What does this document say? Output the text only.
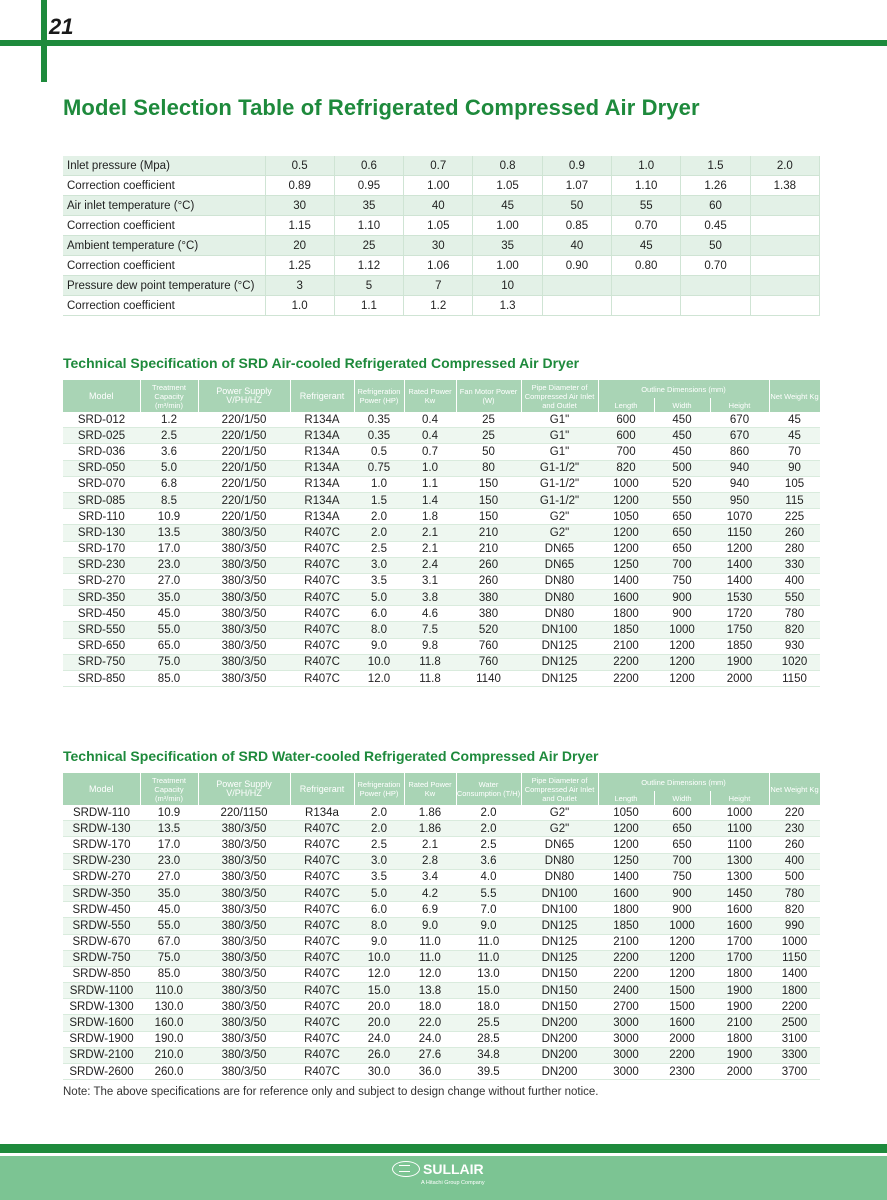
21
Model Selection Table of Refrigerated Compressed Air Dryer
Inlet pressure (Mpa)	0.5	0.6	0.7	0.8	0.9	1.0	1.5	2.0
Correction coefficient	0.89	0.95	1.00	1.05	1.07	1.10	1.26	1.38
Air inlet temperature (°C)	30	35	40	45	50	55	60	
Correction coefficient	1.15	1.10	1.05	1.00	0.85	0.70	0.45	
Ambient temperature (°C)	20	25	30	35	40	45	50	
Correction coefficient	1.25	1.12	1.06	1.00	0.90	0.80	0.70	
Pressure dew point temperature (°C)	3	5	7	10				
Correction coefficient	1.0	1.1	1.2	1.3				
Technical Specification of SRD Air-cooled Refrigerated Compressed Air Dryer
Model	Treatment Capacity (m³/min)	Power Supply V/PH/HZ	Refrigerant	Refrigeration Power (HP)	Rated Power Kw	Fan Motor Power (W)	Pipe Diameter of Compressed Air Inlet and Outlet	Outline Dimensions (mm)			Net Weight Kg
								Length	Width	Height	
SRD-012	1.2	220/1/50	R134A	0.35	0.4	25	G1"	600	450	670	45
SRD-025	2.5	220/1/50	R134A	0.35	0.4	25	G1"	600	450	670	45
SRD-036	3.6	220/1/50	R134A	0.5	0.7	50	G1"	700	450	860	70
SRD-050	5.0	220/1/50	R134A	0.75	1.0	80	G1-1/2"	820	500	940	90
SRD-070	6.8	220/1/50	R134A	1.0	1.1	150	G1-1/2"	1000	520	940	105
SRD-085	8.5	220/1/50	R134A	1.5	1.4	150	G1-1/2"	1200	550	950	115
SRD-110	10.9	220/1/50	R134A	2.0	1.8	150	G2"	1050	650	1070	225
SRD-130	13.5	380/3/50	R407C	2.0	2.1	210	G2"	1200	650	1150	260
SRD-170	17.0	380/3/50	R407C	2.5	2.1	210	DN65	1200	650	1200	280
SRD-230	23.0	380/3/50	R407C	3.0	2.4	260	DN65	1250	700	1400	330
SRD-270	27.0	380/3/50	R407C	3.5	3.1	260	DN80	1400	750	1400	400
SRD-350	35.0	380/3/50	R407C	5.0	3.8	380	DN80	1600	900	1530	550
SRD-450	45.0	380/3/50	R407C	6.0	4.6	380	DN80	1800	900	1720	780
SRD-550	55.0	380/3/50	R407C	8.0	7.5	520	DN100	1850	1000	1750	820
SRD-650	65.0	380/3/50	R407C	9.0	9.8	760	DN125	2100	1200	1850	930
SRD-750	75.0	380/3/50	R407C	10.0	11.8	760	DN125	2200	1200	1900	1020
SRD-850	85.0	380/3/50	R407C	12.0	11.8	1140	DN125	2200	1200	2000	1150
Technical Specification of SRD Water-cooled Refrigerated Compressed Air Dryer
Model	Treatment Capacity (m³/min)	Power Supply V/PH/HZ	Refrigerant	Refrigeration Power (HP)	Rated Power Kw	Water Consumption (T/H)	Pipe Diameter of Compressed Air Inlet and Outlet	Outline Dimensions (mm)			Net Weight Kg
								Length	Width	Height	
SRDW-110	10.9	220/1150	R134a	2.0	1.86	2.0	G2"	1050	600	1000	220
SRDW-130	13.5	380/3/50	R407C	2.0	1.86	2.0	G2"	1200	650	1100	230
SRDW-170	17.0	380/3/50	R407C	2.5	2.1	2.5	DN65	1200	650	1100	260
SRDW-230	23.0	380/3/50	R407C	3.0	2.8	3.6	DN80	1250	700	1300	400
SRDW-270	27.0	380/3/50	R407C	3.5	3.4	4.0	DN80	1400	750	1300	500
SRDW-350	35.0	380/3/50	R407C	5.0	4.2	5.5	DN100	1600	900	1450	780
SRDW-450	45.0	380/3/50	R407C	6.0	6.9	7.0	DN100	1800	900	1600	820
SRDW-550	55.0	380/3/50	R407C	8.0	9.0	9.0	DN125	1850	1000	1600	990
SRDW-670	67.0	380/3/50	R407C	9.0	11.0	11.0	DN125	2100	1200	1700	1000
SRDW-750	75.0	380/3/50	R407C	10.0	11.0	11.0	DN125	2200	1200	1700	1150
SRDW-850	85.0	380/3/50	R407C	12.0	12.0	13.0	DN150	2200	1200	1800	1400
SRDW-1100	110.0	380/3/50	R407C	15.0	13.8	15.0	DN150	2400	1500	1900	1800
SRDW-1300	130.0	380/3/50	R407C	20.0	18.0	18.0	DN150	2700	1500	1900	2200
SRDW-1600	160.0	380/3/50	R407C	20.0	22.0	25.5	DN200	3000	1600	2100	2500
SRDW-1900	190.0	380/3/50	R407C	24.0	24.0	28.5	DN200	3000	2000	1800	3100
SRDW-2100	210.0	380/3/50	R407C	26.0	27.6	34.8	DN200	3000	2200	1900	3300
SRDW-2600	260.0	380/3/50	R407C	30.0	36.0	39.5	DN200	3000	2300	2000	3700
Note: The above specifications are for reference only and subject to design change without further notice.
SULLAIR
A Hitachi Group Company
